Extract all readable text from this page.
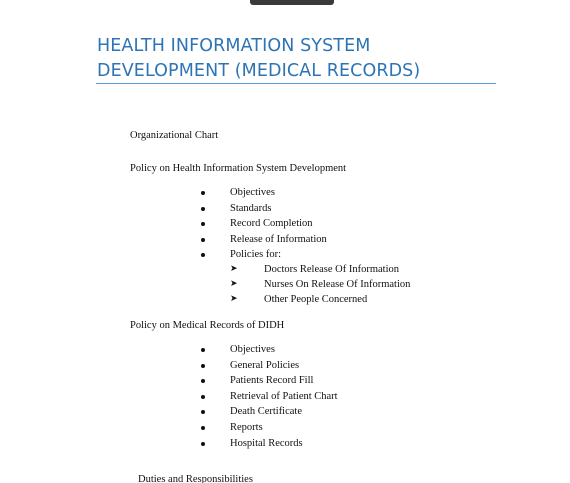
HEALTH INFORMATION SYSTEM
DEVELOPMENT (MEDICAL RECORDS)
Organizational Chart
Policy on Health Information System Development
Objectives
Standards
Record Completion
Release of Information
Policies for:
➤	Doctors Release Of Information
➤	Nurses On Release Of Information
➤	Other People Concerned
Policy on Medical Records of DIDH
Objectives
General Policies
Patients Record Fill
Retrieval of Patient Chart
Death Certificate
Reports
Hospital Records
Duties and Responsibilities
